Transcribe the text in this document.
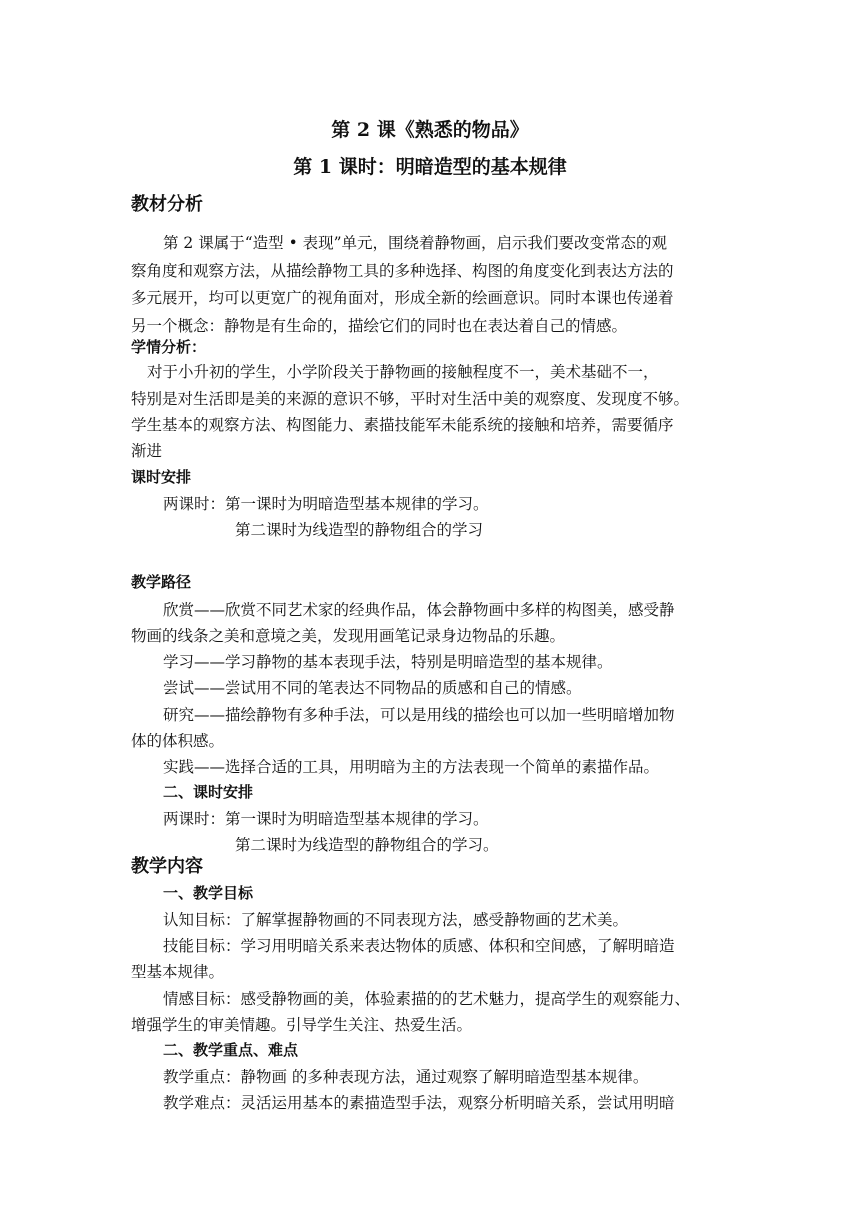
第 2 课《熟悉的物品》
第 1 课时：明暗造型的基本规律
教材分析
第 2 课属于“造型 • 表现”单元，围绕着静物画，启示我们要改变常态的观
察角度和观察方法，从描绘静物工具的多种选择、构图的角度变化到表达方法的
多元展开，均可以更宽广的视角面对，形成全新的绘画意识。同时本课也传递着
另一个概念：静物是有生命的，描绘它们的同时也在表达着自己的情感。
学情分析：
对于小升初的学生，小学阶段关于静物画的接触程度不一，美术基础不一，
特别是对生活即是美的来源的意识不够，平时对生活中美的观察度、发现度不够。
学生基本的观察方法、构图能力、素描技能军未能系统的接触和培养，需要循序
渐进
课时安排
两课时：第一课时为明暗造型基本规律的学习。
第二课时为线造型的静物组合的学习
教学路径
欣赏——欣赏不同艺术家的经典作品，体会静物画中多样的构图美，感受静
物画的线条之美和意境之美，发现用画笔记录身边物品的乐趣。
学习——学习静物的基本表现手法，特别是明暗造型的基本规律。
尝试——尝试用不同的笔表达不同物品的质感和自己的情感。
研究——描绘静物有多种手法，可以是用线的描绘也可以加一些明暗增加物
体的体积感。
实践——选择合适的工具，用明暗为主的方法表现一个简单的素描作品。
二、课时安排
两课时：第一课时为明暗造型基本规律的学习。
第二课时为线造型的静物组合的学习。
教学内容
一、教学目标
认知目标：了解掌握静物画的不同表现方法，感受静物画的艺术美。
技能目标：学习用明暗关系来表达物体的质感、体积和空间感，了解明暗造
型基本规律。
情感目标：感受静物画的美，体验素描的的艺术魅力，提高学生的观察能力、
增强学生的审美情趣。引导学生关注、热爱生活。
二、教学重点、难点
教学重点：静物画 的多种表现方法，通过观察了解明暗造型基本规律。
教学难点：灵活运用基本的素描造型手法，观察分析明暗关系，尝试用明暗
